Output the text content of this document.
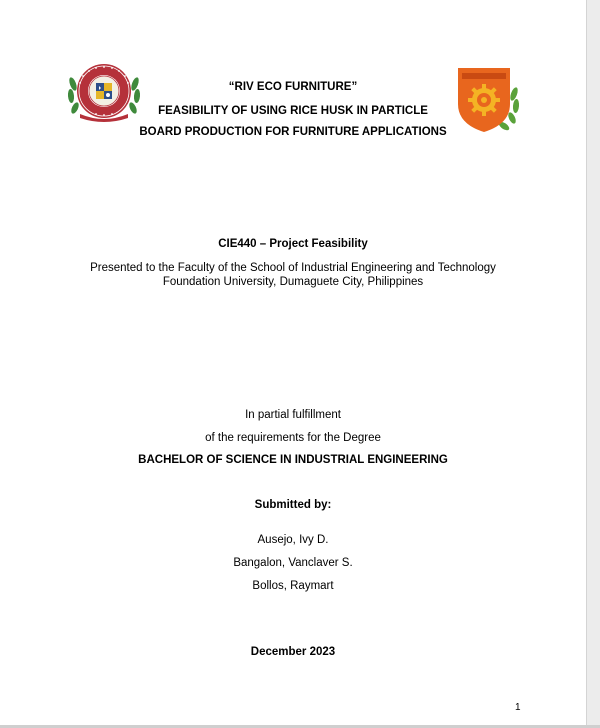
“RIV ECO FURNITURE”
FEASIBILITY OF USING RICE HUSK IN PARTICLE
BOARD PRODUCTION FOR FURNITURE APPLICATIONS
CIE440 – Project Feasibility
Presented to the Faculty of the School of Industrial Engineering and Technology
Foundation University, Dumaguete City, Philippines
In partial fulfillment
of the requirements for the Degree
BACHELOR OF SCIENCE IN INDUSTRIAL ENGINEERING
Submitted by:
Ausejo, Ivy D.
Bangalon, Vanclaver S.
Bollos, Raymart
December 2023
1
